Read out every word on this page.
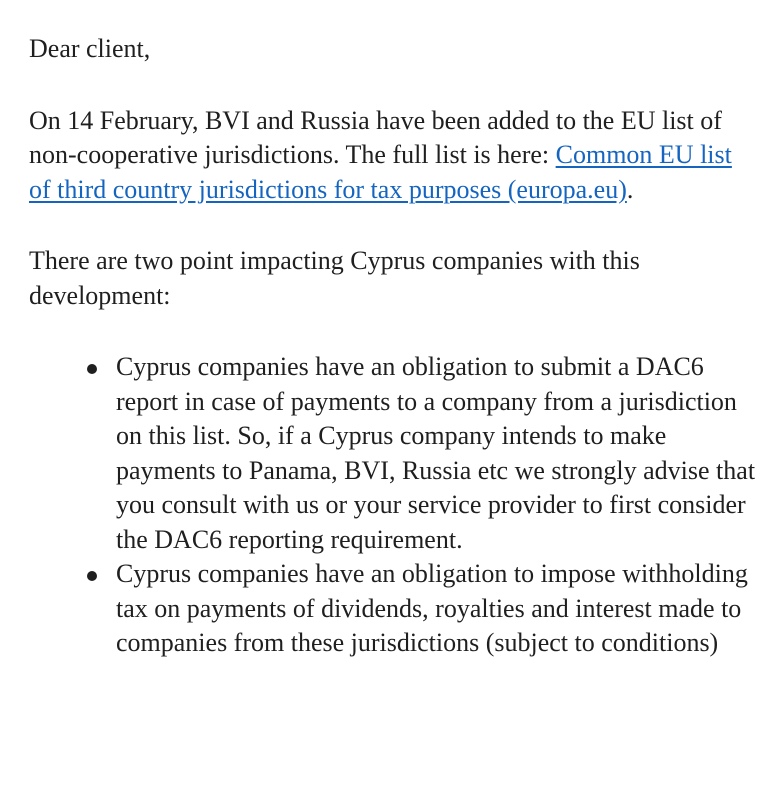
Dear client,

On 14 February, BVI and Russia have been added to the EU list of non-cooperative jurisdictions. The full list is here: Common EU list of third country jurisdictions for tax purposes (europa.eu).

There are two point impacting Cyprus companies with this development:

Cyprus companies have an obligation to submit a DAC6 report in case of payments to a company from a jurisdiction on this list. So, if a Cyprus company intends to make payments to Panama, BVI, Russia etc we strongly advise that you consult with us or your service provider to first consider the DAC6 reporting requirement.
Cyprus companies have an obligation to impose withholding tax on payments of dividends, royalties and interest made to companies from these jurisdictions (subject to conditions)
